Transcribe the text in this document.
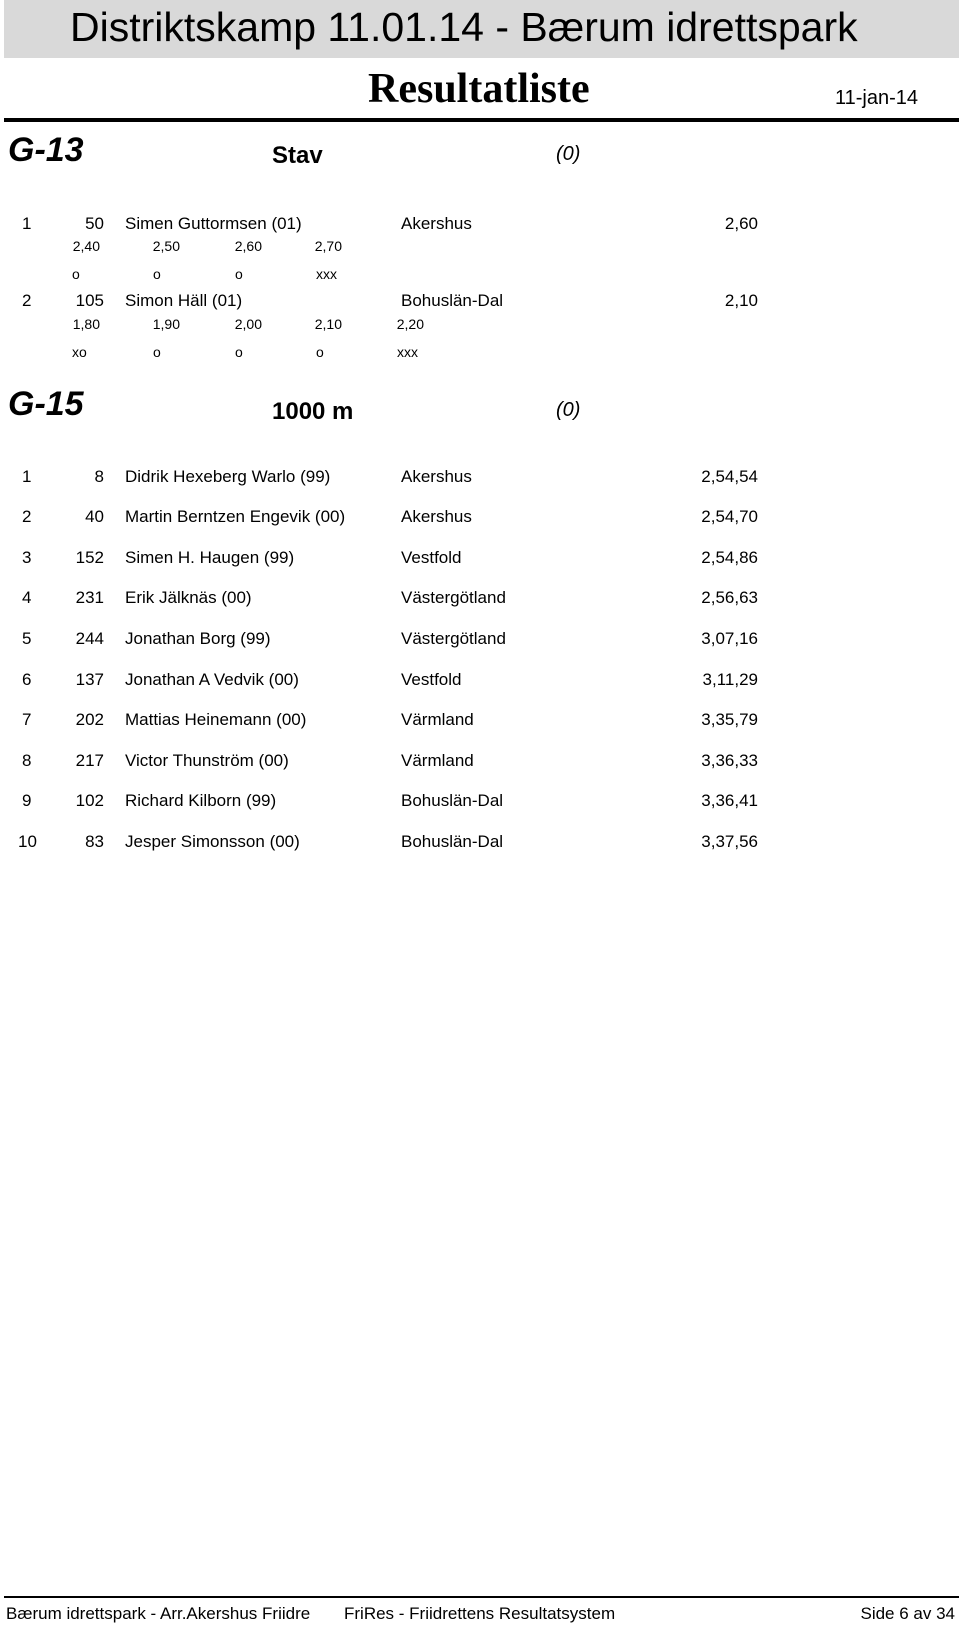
Distriktskamp 11.01.14 - Bærum idrettspark
Resultatliste	11-jan-14
G-13	Stav	(0)
1	50 Simen Guttormsen (01)	Akershus	2,60
2,40	2,50	2,60	2,70
o	o	o	xxx
2	105 Simon Häll (01)	Bohuslän-Dal	2,10
1,80	1,90	2,00	2,10	2,20
xo	o	o	o	xxx
G-15	1000 m	(0)
1	8 Didrik Hexeberg Warlo (99)	Akershus	2,54,54
2	40 Martin Berntzen Engevik (00)	Akershus	2,54,70
3	152 Simen H. Haugen (99)	Vestfold	2,54,86
4	231 Erik Jälknäs (00)	Västergötland	2,56,63
5	244 Jonathan Borg (99)	Västergötland	3,07,16
6	137 Jonathan A Vedvik (00)	Vestfold	3,11,29
7	202 Mattias Heinemann (00)	Värmland	3,35,79
8	217 Victor Thunström (00)	Värmland	3,36,33
9	102 Richard Kilborn (99)	Bohuslän-Dal	3,36,41
10	83 Jesper Simonsson (00)	Bohuslän-Dal	3,37,56
Bærum idrettspark - Arr.Akershus Friidre FriRes - Friidrettens Resultatsystem	Side 6 av 34
